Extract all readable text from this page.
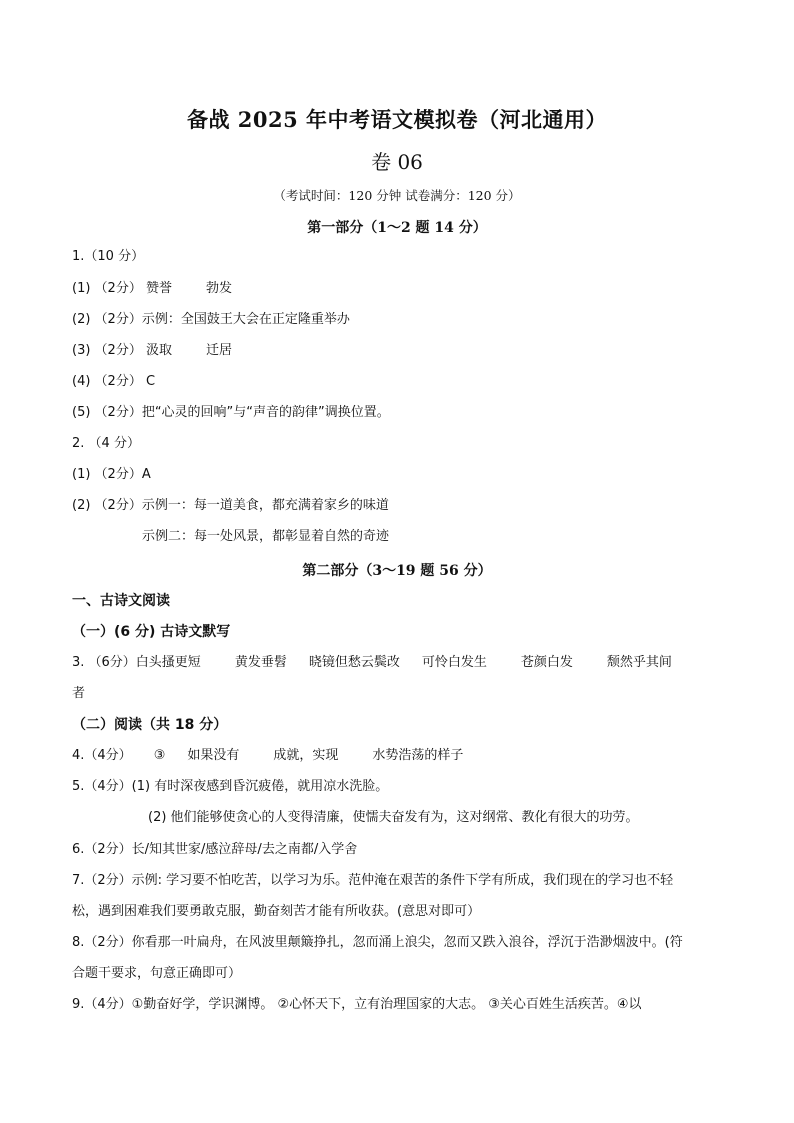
备战 2025 年中考语文模拟卷（河北通用）
卷 06
（考试时间：120 分钟 试卷满分：120 分）
第一部分（1～2 题 14 分）
1.（10 分）
(1) （2分） 赞誉	勃发
(2) （2分）示例：全国鼓王大会在正定隆重举办
(3) （2分） 汲取	迁居
(4) （2分） C
(5) （2分）把“心灵的回响”与“声音的韵律”调换位置。
2. （4 分）
(1) （2分）A
(2) （2分）示例一：每一道美食，都充满着家乡的味道
示例二：每一处风景，都彰显着自然的奇迹
第二部分（3～19 题 56 分）
一、古诗文阅读
（一）(6 分) 古诗文默写
3. （6分）白头搔更短	黄发垂髫 晓镜但愁云鬓改 可怜白发生	苍颜白发	颓然乎其间
者
（二）阅读（共 18 分）
4.（4分） ③ 如果没有	成就，实现	水势浩荡的样子
5.（4分）(1) 有时深夜感到昏沉疲倦，就用凉水洗脸。
(2) 他们能够使贪心的人变得清廉，使懦夫奋发有为，这对纲常、教化有很大的功劳。
6.（2分）长/知其世家/感泣辞母/去之南都/入学舍
7.（2分）示例: 学习要不怕吃苦，以学习为乐。范仲淹在艰苦的条件下学有所成，我们现在的学习也不轻
松，遇到困难我们要勇敢克服，勤奋刻苦才能有所收获。(意思对即可）
8.（2分）你看那一叶扁舟，在风波里颠簸挣扎，忽而涌上浪尖，忽而又跌入浪谷，浮沉于浩渺烟波中。(符
合题干要求，句意正确即可）
9.（4分）①勤奋好学，学识渊博。 ②心怀天下，立有治理国家的大志。 ③关心百姓生活疾苦。④以
